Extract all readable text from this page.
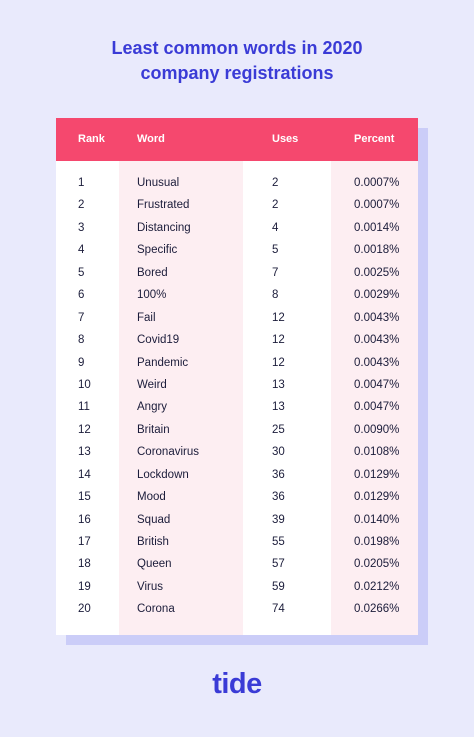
Least common words in 2020
company registrations
Rank	Word	Uses	Percent
1	Unusual	2	0.0007%
2	Frustrated	2	0.0007%
3	Distancing	4	0.0014%
4	Specific	5	0.0018%
5	Bored	7	0.0025%
6	100%	8	0.0029%
7	Fail	12	0.0043%
8	Covid19	12	0.0043%
9	Pandemic	12	0.0043%
10	Weird	13	0.0047%
11	Angry	13	0.0047%
12	Britain	25	0.0090%
13	Coronavirus	30	0.0108%
14	Lockdown	36	0.0129%
15	Mood	36	0.0129%
16	Squad	39	0.0140%
17	British	55	0.0198%
18	Queen	57	0.0205%
19	Virus	59	0.0212%
20	Corona	74	0.0266%
tide
